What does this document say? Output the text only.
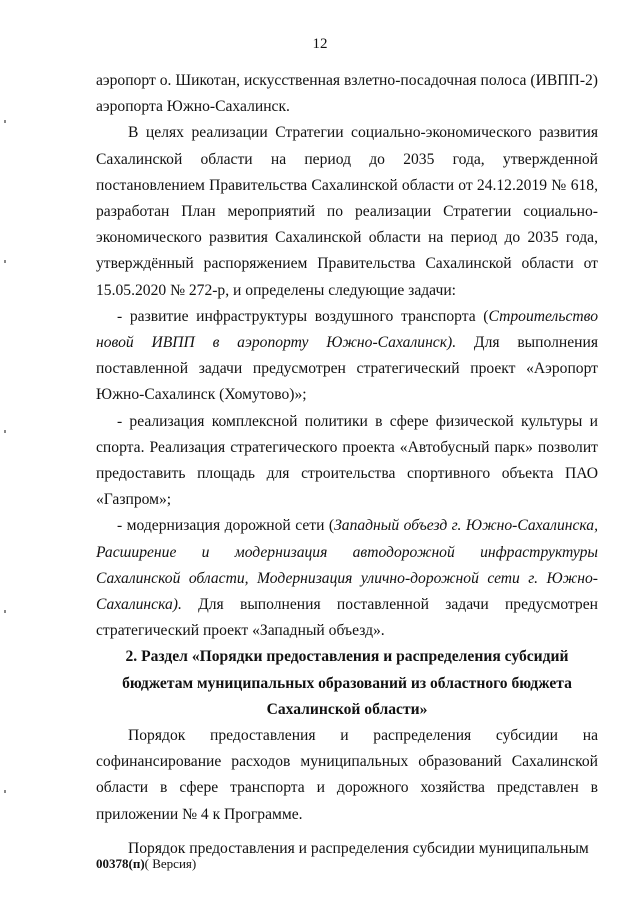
12

аэропорт о. Шикотан, искусственная взлетно-посадочная полоса (ИВПП-2) аэропорта Южно-Сахалинск.

В целях реализации Стратегии социально-экономического развития Сахалинской области на период до 2035 года, утвержденной постановлением Правительства Сахалинской области от 24.12.2019 № 618, разработан План мероприятий по реализации Стратегии социально-экономического развития Сахалинской области на период до 2035 года, утверждённый распоряжением Правительства Сахалинской области от 15.05.2020 № 272-р, и определены следующие задачи:

- развитие инфраструктуры воздушного транспорта (Строительство новой ИВПП в аэропорту Южно-Сахалинск). Для выполнения поставленной задачи предусмотрен стратегический проект «Аэропорт Южно-Сахалинск (Хомутово)»;

- реализация комплексной политики в сфере физической культуры и спорта. Реализация стратегического проекта «Автобусный парк» позволит предоставить площадь для строительства спортивного объекта ПАО «Газпром»;

- модернизация дорожной сети (Западный объезд г. Южно-Сахалинска, Расширение и модернизация автодорожной инфраструктуры Сахалинской области, Модернизация улично-дорожной сети г. Южно-Сахалинска). Для выполнения поставленной задачи предусмотрен стратегический проект «Западный объезд».

2. Раздел «Порядки предоставления и распределения субсидий бюджетам муниципальных образований из областного бюджета Сахалинской области»

Порядок предоставления и распределения субсидии на софинансирование расходов муниципальных образований Сахалинской области в сфере транспорта и дорожного хозяйства представлен в приложении № 4 к Программе.

Порядок предоставления и распределения субсидии муниципальным

00378(п)( Версия)
